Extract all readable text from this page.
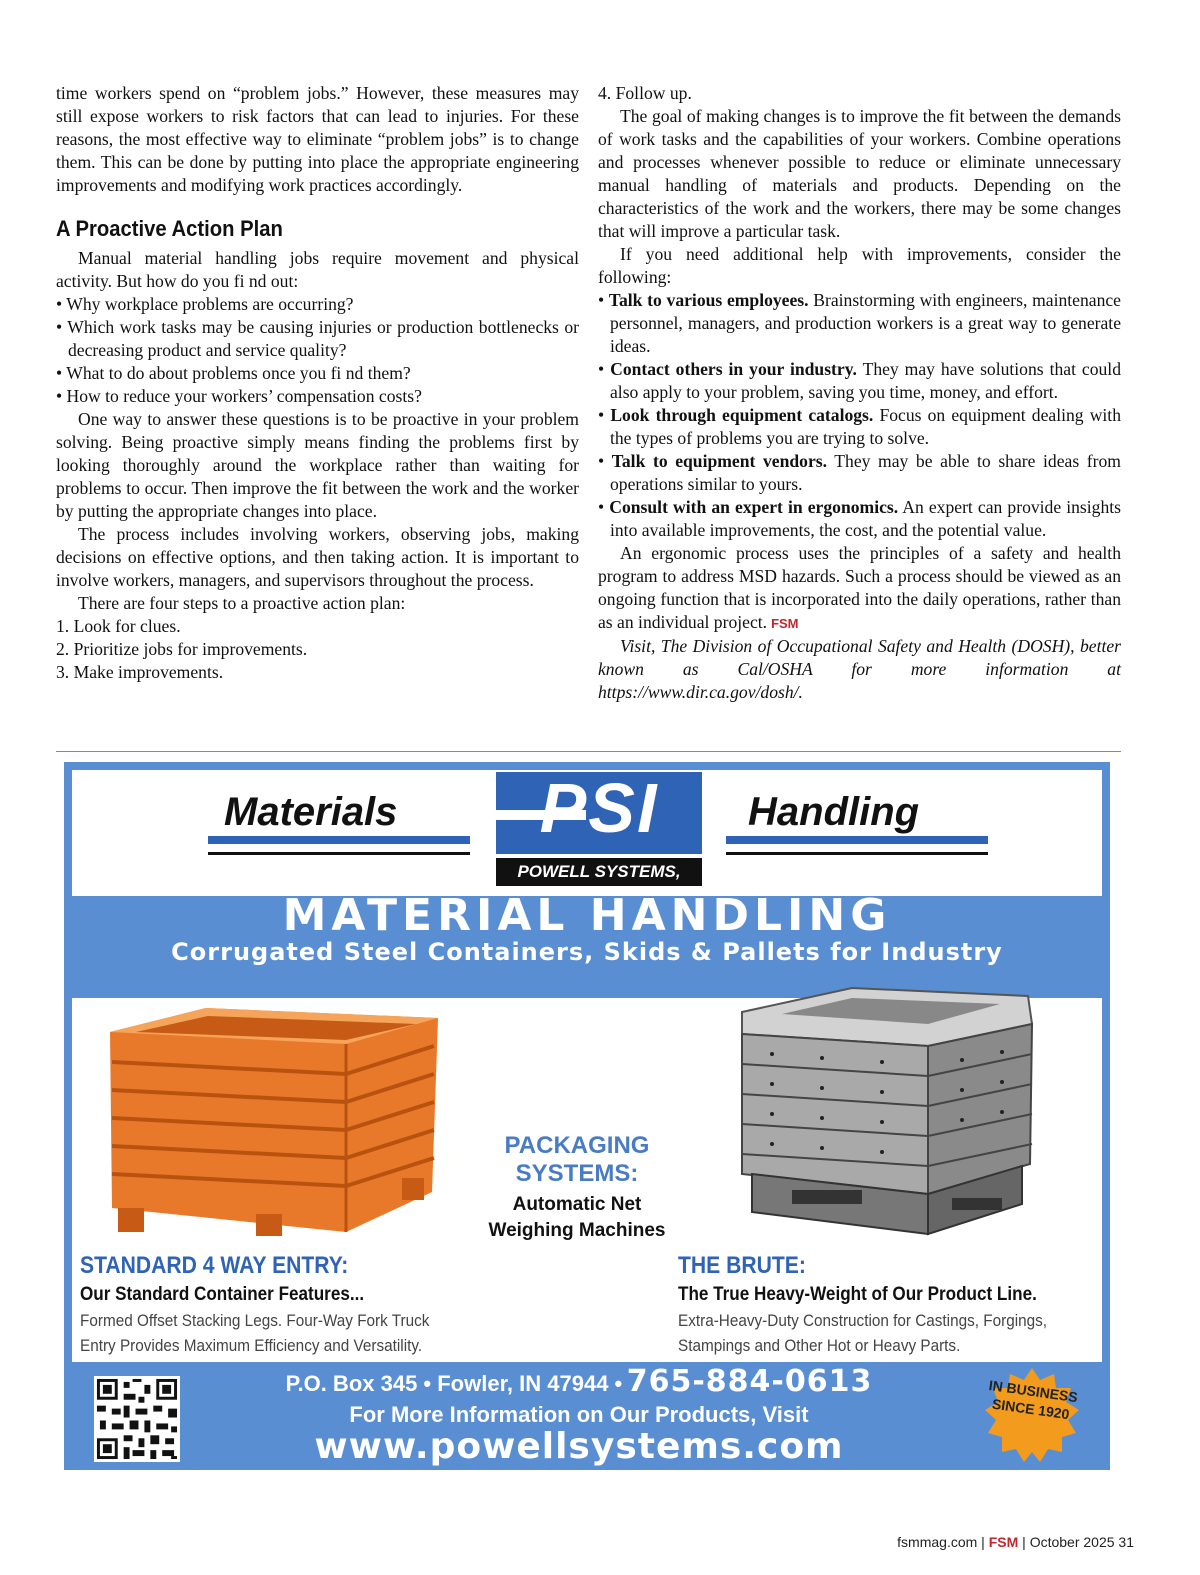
time workers spend on “problem jobs.” However, these measures may still expose workers to risk factors that can lead to injuries. For these reasons, the most effective way to eliminate “problem jobs” is to change them. This can be done by putting into place the appropriate engineering improvements and modifying work practices accordingly.

A Proactive Action Plan

Manual material handling jobs require movement and physical activity. But how do you fi nd out:

• Why workplace problems are occurring?

• Which work tasks may be causing injuries or production bottlenecks or decreasing product and service quality?

• What to do about problems once you fi nd them?

• How to reduce your workers’ compensation costs?

One way to answer these questions is to be proactive in your problem solving. Being proactive simply means finding the problems first by looking thoroughly around the workplace rather than waiting for problems to occur. Then improve the fit between the work and the worker by putting the appropriate changes into place.

The process includes involving workers, observing jobs, making decisions on effective options, and then taking action. It is important to involve workers, managers, and supervisors throughout the process.

There are four steps to a proactive action plan:

1. Look for clues.

2. Prioritize jobs for improvements.

3. Make improvements.

4. Follow up.

The goal of making changes is to improve the fit between the demands of work tasks and the capabilities of your workers. Combine operations and processes whenever possible to reduce or eliminate unnecessary manual handling of materials and products. Depending on the characteristics of the work and the workers, there may be some changes that will improve a particular task.

If you need additional help with improvements, consider the following:

• Talk to various employees. Brainstorming with engineers, maintenance personnel, managers, and production workers is a great way to generate ideas.

• Contact others in your industry. They may have solutions that could also apply to your problem, saving you time, money, and effort.

• Look through equipment catalogs. Focus on equipment dealing with the types of problems you are trying to solve.

• Talk to equipment vendors. They may be able to share ideas from operations similar to yours.

• Consult with an expert in ergonomics. An expert can provide insights into available improvements, the cost, and the potential value.

An ergonomic process uses the principles of a safety and health program to address MSD hazards. Such a process should be viewed as an ongoing function that is incorporated into the daily operations, rather than as an individual project. FSM

Visit, The Division of Occupational Safety and Health (DOSH), better known as Cal/OSHA for more information at https://www.dir.ca.gov/dosh/.

Materials	PSI
POWELL SYSTEMS,
Handling
MATERIAL HANDLING
Corrugated Steel Containers, Skids & Pallets for Industry
PACKAGING SYSTEMS:
Automatic Net Weighing Machines
STANDARD 4 WAY ENTRY:
Our Standard Container Features...
Formed Offset Stacking Legs. Four-Way Fork Truck Entry Provides Maximum Efficiency and Versatility.
THE BRUTE:
The True Heavy-Weight of Our Product Line.
Extra-Heavy-Duty Construction for Castings, Forgings, Stampings and Other Hot or Heavy Parts.
P.O. Box 345 • Fowler, IN 47944 • 765-884-0613
For More Information on Our Products, Visit
www.powellsystems.com
IN BUSINESS SINCE 1920
fsmmag.com | FSM | October 2025 31
